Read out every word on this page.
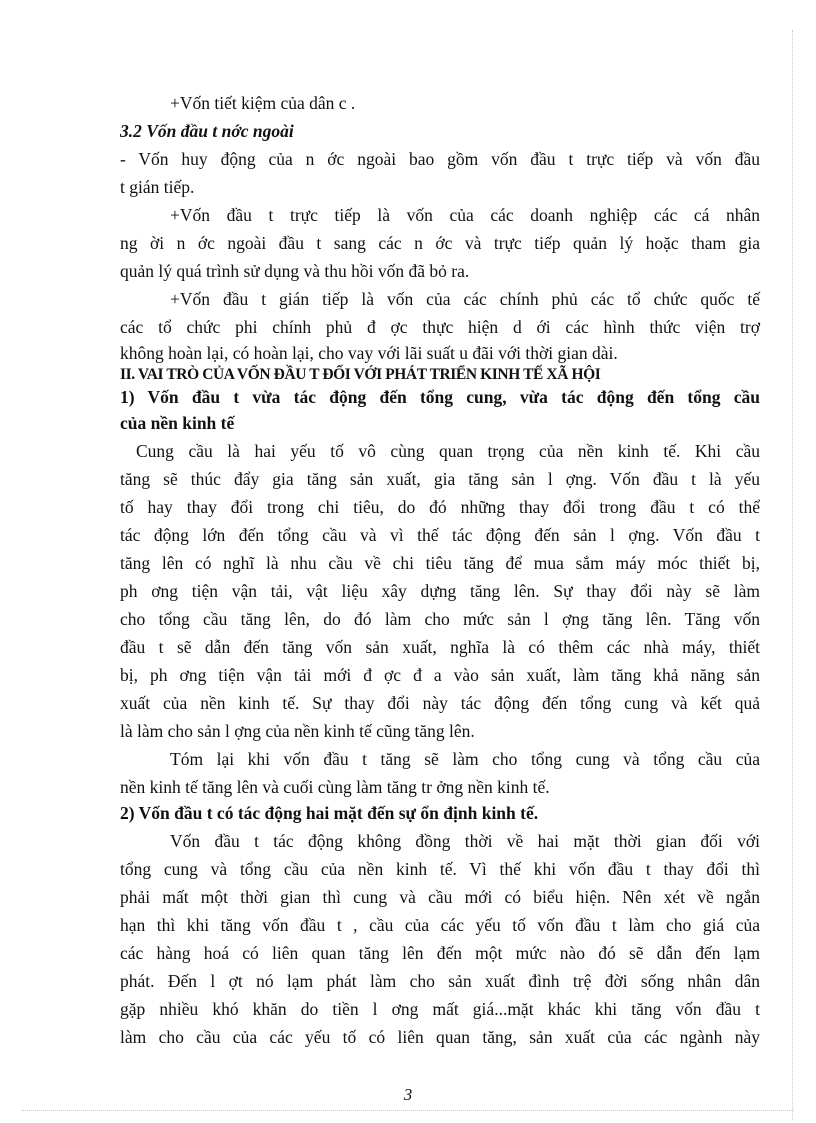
+Vốn tiết kiệm của dân c .
3.2 Vốn đầu t nớc ngoài
- Vốn huy động của n ớc ngoài bao gồm vốn đầu t trực tiếp và vốn đầu
t gián tiếp.
+Vốn đầu t trực tiếp là vốn của các doanh nghiệp các cá nhân
ng ời n ớc ngoài đầu t sang các n ớc và trực tiếp quản lý hoặc tham gia
quản lý quá trình sử dụng và thu hồi vốn đã bỏ ra.
+Vốn đầu t gián tiếp là vốn của các chính phủ các tổ chức quốc tế
các tổ chức phi chính phủ đ ợc thực hiện d ới các hình thức viện trợ
không hoàn lại, có hoàn lại, cho vay với lãi suất u đãi với thời gian dài.
II. VAI TRÒ CỦA VỐN ĐẦU T ĐỐI VỚI PHÁT TRIỂN KINH TẾ XÃ HỘI
1) Vốn đầu t vừa tác động đến tổng cung, vừa tác động đến tổng cầu
của nền kinh tế
Cung cầu là hai yếu tố vô cùng quan trọng của nền kinh tế. Khi cầu
tăng sẽ thúc đẩy gia tăng sản xuất, gia tăng sản l ợng. Vốn đầu t là yếu
tố hay thay đổi trong chi tiêu, do đó những thay đổi trong đầu t có thể
tác động lớn đến tổng cầu và vì thế tác động đến sản l ợng. Vốn đầu t
tăng lên có nghĩ là nhu cầu về chi tiêu tăng để mua sắm máy móc thiết bị,
ph ơng tiện vận tải, vật liệu xây dựng tăng lên. Sự thay đổi này sẽ làm
cho tổng cầu tăng lên, do đó làm cho mức sản l ợng tăng lên. Tăng vốn
đầu t sẽ dẫn đến tăng vốn sản xuất, nghĩa là có thêm các nhà máy, thiết
bị, ph ơng tiện vận tải mới đ ợc đ a vào sản xuất, làm tăng khả năng sản
xuất của nền kinh tế. Sự thay đổi này tác động đến tổng cung và kết quả
là làm cho sản l ợng của nền kinh tế cũng tăng lên.
Tóm lại khi vốn đầu t tăng sẽ làm cho tổng cung và tổng cầu của
nền kinh tế tăng lên và cuối cùng làm tăng tr ởng nền kinh tế.
2) Vốn đầu t có tác động hai mặt đến sự ổn định kinh tế.
Vốn đầu t tác động không đồng thời về hai mặt thời gian đối với
tổng cung và tổng cầu của nền kinh tế. Vì thế khi vốn đầu t thay đổi thì
phải mất một thời gian thì cung và cầu mới có biểu hiện. Nên xét về ngắn
hạn thì khi tăng vốn đầu t , cầu của các yếu tố vốn đầu t làm cho giá của
các hàng hoá có liên quan tăng lên đến một mức nào đó sẽ dẫn đến lạm
phát. Đến l ợt nó lạm phát làm cho sản xuất đình trệ đời sống nhân dân
gặp nhiều khó khăn do tiền l ơng mất giá...mặt khác khi tăng vốn đầu t
làm cho cầu của các yếu tố có liên quan tăng, sản xuất của các ngành này
3
